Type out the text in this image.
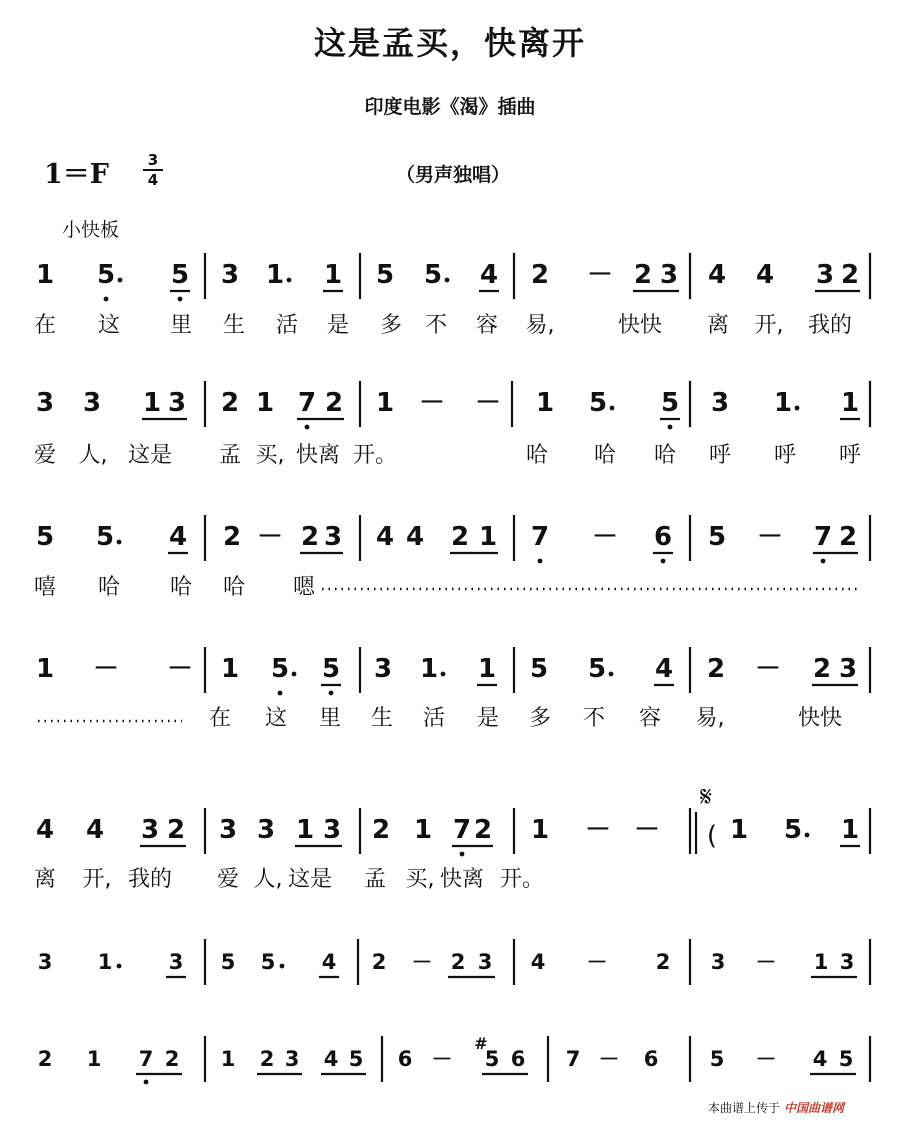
这是孟买，快离开
印度电影《渴》插曲
1＝F	3
4	（男声独唱）
小快板
1 5 5 3 1 1 5 5 4 2 － 2 3 4 4 3 2
在 这 里 生 活 是 多 不 容 易,	快快 离 开, 我的
3 3 1 3 2 1 7 2 1 － － 1 5 5 3 1 1
爱 人, 这是 孟 买, 快离 开。	哈 哈 哈 呼 呼 呼
5 5 4 2 － 2 3 4 4 2 1 7 － 6 5 － 7 2
嘻 哈 哈 哈 嗯
1 － － 1 5 5 3 1 1 5 5 4 2 － 2 3
在 这 里 生 活 是 多 不 容 易,	快快
4 4 3 2 3 3 1 3 2 1 7 2 1 － －	1 5 1
离 开, 我的 爱 人, 这是 孟 买, 快离 开。
3 1	3 5 5 4 2 － 2 3 4 － 2 3 － 1 3
2 1 7 2 1 2 3 4 5 6 － 5 6 7 － 6 5 － 4 5
𝄋
(
#
本曲谱上传于 中国曲谱网
